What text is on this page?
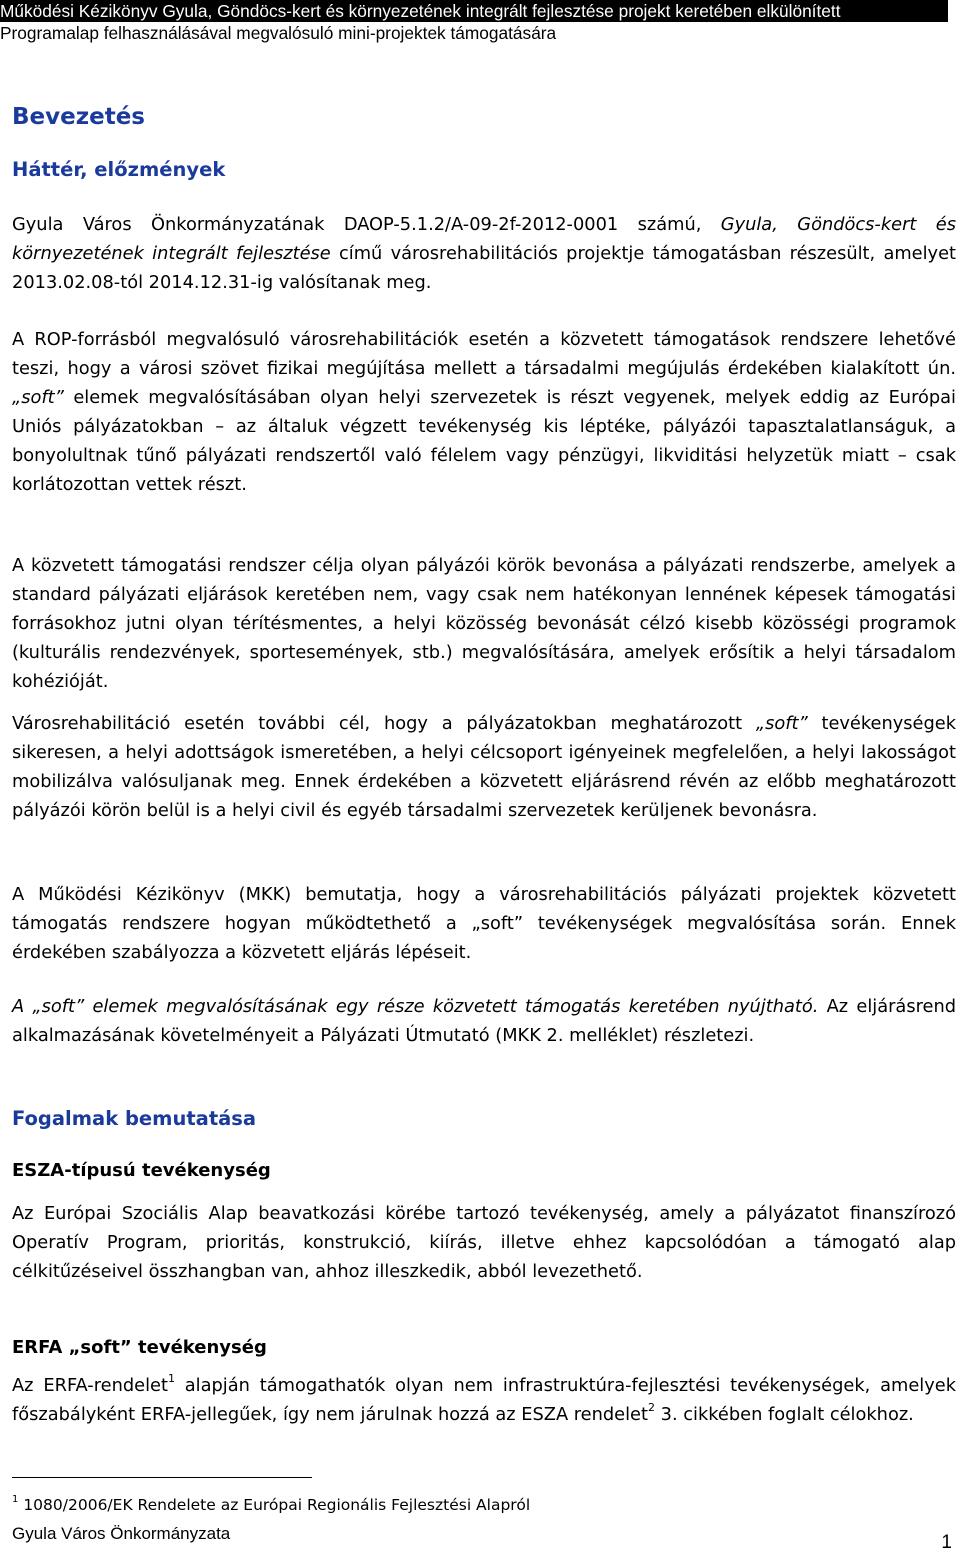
Működési Kézikönyv Gyula, Göndöcs-kert és környezetének integrált fejlesztése projekt keretében elkülönített
Programalap felhasználásával megvalósuló mini-projektek támogatására
Bevezetés
Háttér, előzmények
Gyula Város Önkormányzatának DAOP-5.1.2/A-09-2f-2012-0001 számú, Gyula, Göndöcs-kert és környezetének integrált fejlesztése című városrehabilitációs projektje támogatásban részesült, amelyet 2013.02.08-tól 2014.12.31-ig valósítanak meg.
A ROP-forrásból megvalósuló városrehabilitációk esetén a közvetett támogatások rendszere lehetővé teszi, hogy a városi szövet fizikai megújítása mellett a társadalmi megújulás érdekében kialakított ún. „soft” elemek megvalósításában olyan helyi szervezetek is részt vegyenek, melyek eddig az Európai Uniós pályázatokban – az általuk végzett tevékenység kis léptéke, pályázói tapasztalatlanságuk, a bonyolultnak tűnő pályázati rendszertől való félelem vagy pénzügyi, likviditási helyzetük miatt – csak korlátozottan vettek részt.
A közvetett támogatási rendszer célja olyan pályázói körök bevonása a pályázati rendszerbe, amelyek a standard pályázati eljárások keretében nem, vagy csak nem hatékonyan lennének képesek támogatási forrásokhoz jutni olyan térítésmentes, a helyi közösség bevonását célzó kisebb közösségi programok (kulturális rendezvények, sportesemények, stb.) megvalósítására, amelyek erősítik a helyi társadalom kohézióját.
Városrehabilitáció esetén további cél, hogy a pályázatokban meghatározott „soft” tevékenységek sikeresen, a helyi adottságok ismeretében, a helyi célcsoport igényeinek megfelelően, a helyi lakosságot mobilizálva valósuljanak meg. Ennek érdekében a közvetett eljárásrend révén az előbb meghatározott pályázói körön belül is a helyi civil és egyéb társadalmi szervezetek kerüljenek bevonásra.
A Működési Kézikönyv (MKK) bemutatja, hogy a városrehabilitációs pályázati projektek közvetett támogatás rendszere hogyan működtethető a „soft” tevékenységek megvalósítása során. Ennek érdekében szabályozza a közvetett eljárás lépéseit.
A „soft” elemek megvalósításának egy része közvetett támogatás keretében nyújtható. Az eljárásrend alkalmazásának követelményeit a Pályázati Útmutató (MKK 2. melléklet) részletezi.
Fogalmak bemutatása
ESZA-típusú tevékenység
Az Európai Szociális Alap beavatkozási körébe tartozó tevékenység, amely a pályázatot finanszírozó Operatív Program, prioritás, konstrukció, kiírás, illetve ehhez kapcsolódóan a támogató alap célkitűzéseivel összhangban van, ahhoz illeszkedik, abból levezethető.
ERFA „soft” tevékenység
Az ERFA-rendelet$^1$ alapján támogathatók olyan nem infrastruktúra-fejlesztési tevékenységek, amelyek főszabályként ERFA-jellegűek, így nem járulnak hozzá az ESZA rendelet$^2$ 3. cikkében foglalt célokhoz.
$^1$ 1080/2006/EK Rendelete az Európai Regionális Fejlesztési Alapról
Gyula Város Önkormányzata	1
